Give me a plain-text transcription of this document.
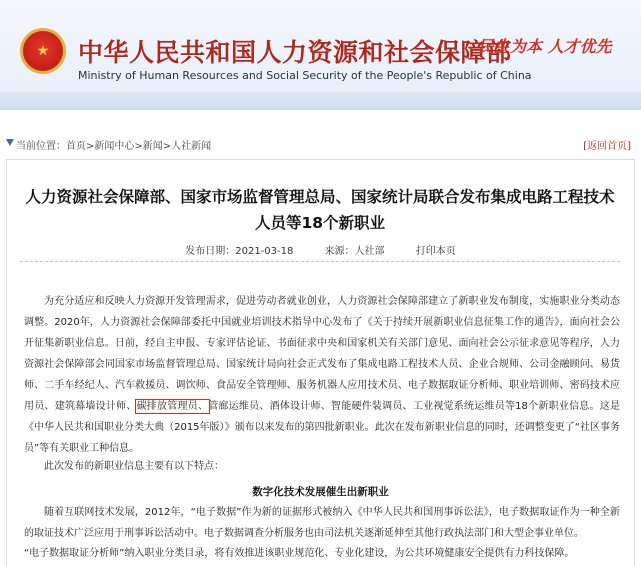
★ 中华人民共和国人力资源和社会保障部
Ministry of Human Resources and Social Security of the People's Republic of China
民生为本 人才优先
当前位置： 首页>新闻中心>新闻>人社新闻	[返回首页]
人力资源社会保障部、国家市场监督管理总局、国家统计局联合发布集成电路工程技术人员等18个新职业
发布日期：2021-03-18	来源：人社部	打印本页
为充分适应和反映人力资源开发管理需求，促进劳动者就业创业，人力资源社会保障部建立了新职业发布制度，实施职业分类动态调整。2020年，人力资源社会保障部委托中国就业培训技术指导中心发布了《关于持续开展新职业信息征集工作的通告》，面向社会公开征集新职业信息。日前，经自主申报、专家评估论证、书面征求中央和国家机关有关部门意见、面向社会公示征求意见等程序，人力资源社会保障部会同国家市场监督管理总局、国家统计局向社会正式发布了集成电路工程技术人员、企业合规师、公司金融顾问、易货师、二手车经纪人、汽车救援员、调饮师、食品安全管理师、服务机器人应用技术员、电子数据取证分析师、职业培训师、密码技术应用员、建筑幕墙设计师、碳排放管理员、管廊运维员、酒体设计师、智能硬件装调员、工业视觉系统运维员等18个新职业信息。这是《中华人民共和国职业分类大典（2015年版）》颁布以来发布的第四批新职业。此次在发布新职业信息的同时，还调整变更了“社区事务员”等有关职业工种信息。
此次发布的新职业信息主要有以下特点：
数字化技术发展催生出新职业
随着互联网技术发展，2012年，“电子数据”作为新的证据形式被纳入《中华人民共和国刑事诉讼法》，电子数据取证作为一种全新的取证技术广泛应用于刑事诉讼活动中。电子数据调查分析服务也由司法机关逐渐延伸至其他行政执法部门和大型企事业单位。
“电子数据取证分析师”纳入职业分类目录，将有效推进该职业规范化、专业化建设，为公共环境健康安全提供有力科技保障。
